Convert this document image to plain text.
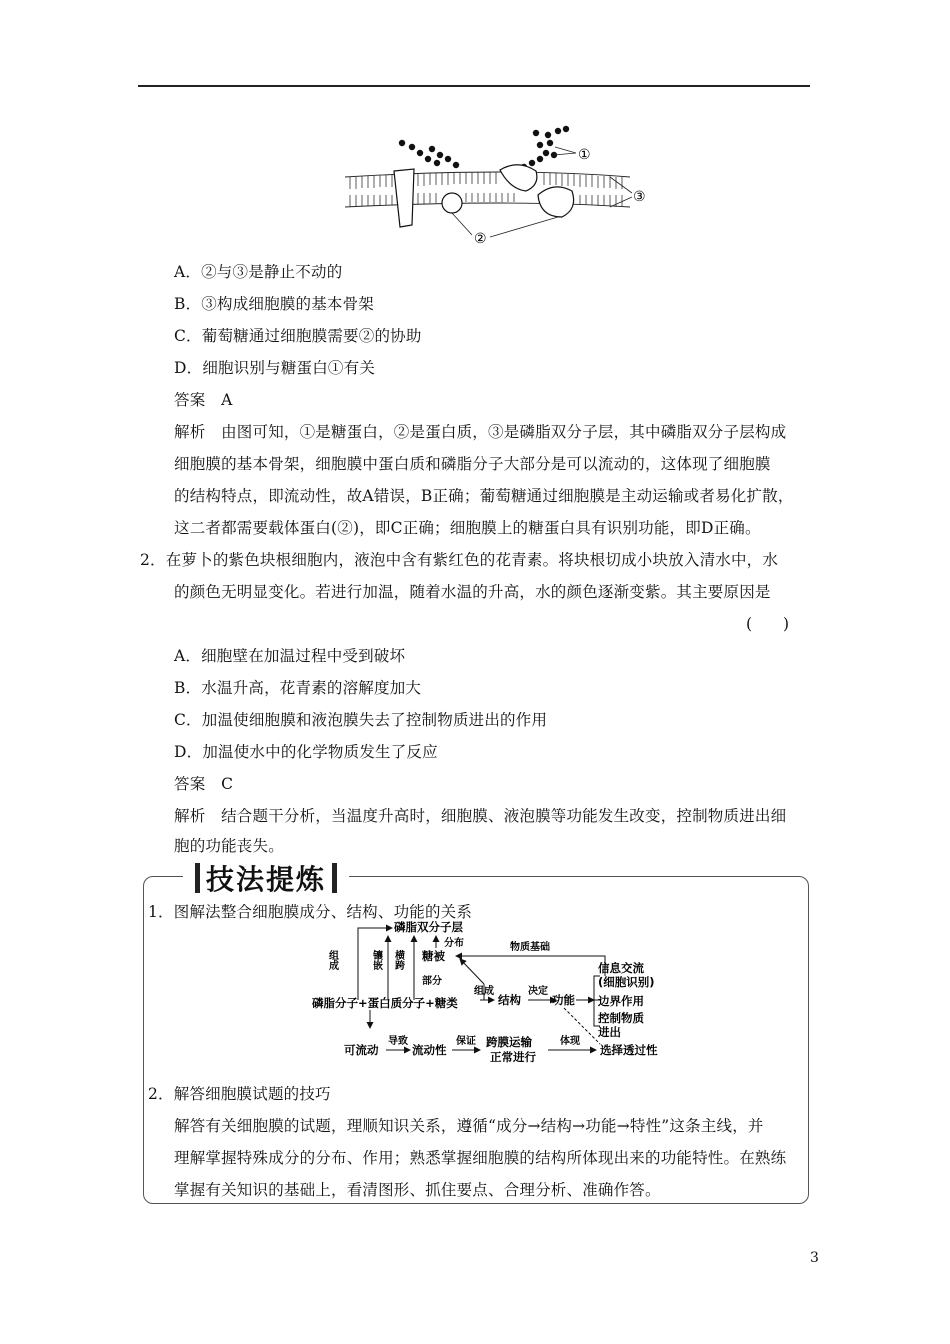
①
③
②
A．②与③是静止不动的
B．③构成细胞膜的基本骨架
C．葡萄糖通过细胞膜需要②的协助
D．细胞识别与糖蛋白①有关
答案　A
解析　由图可知，①是糖蛋白，②是蛋白质，③是磷脂双分子层，其中磷脂双分子层构成
细胞膜的基本骨架，细胞膜中蛋白质和磷脂分子大部分是可以流动的，这体现了细胞膜
的结构特点，即流动性，故A错误，B正确；葡萄糖通过细胞膜是主动运输或者易化扩散，
这二者都需要载体蛋白(②)，即C正确；细胞膜上的糖蛋白具有识别功能，即D正确。
2．在萝卜的紫色块根细胞内，液泡中含有紫红色的花青素。将块根切成小块放入清水中，水
的颜色无明显变化。若进行加温，随着水温的升高，水的颜色逐渐变紫。其主要原因是
(　　)
A．细胞壁在加温过程中受到破坏
B．水温升高，花青素的溶解度加大
C．加温使细胞膜和液泡膜失去了控制物质进出的作用
D．加温使水中的化学物质发生了反应
答案　C
解析　结合题干分析，当温度升高时，细胞膜、液泡膜等功能发生改变，控制物质进出细
胞的功能丧失。
技法提炼
1．图解法整合细胞膜成分、结构、功能的关系
磷脂双分子层
分布	物质基础
糖被
部分
组成	镶嵌 横跨
磷脂分子+蛋白质分子+糖类
组成
结构
决定
功能
信息交流
(细胞识别)
边界作用
控制物质
进出
可流动
导致
流动性
保证 跨膜运输
正常进行
体现
选择透过性
2．解答细胞膜试题的技巧
解答有关细胞膜的试题，理顺知识关系，遵循“成分→结构→功能→特性”这条主线，并
理解掌握特殊成分的分布、作用；熟悉掌握细胞膜的结构所体现出来的功能特性。在熟练
掌握有关知识的基础上，看清图形、抓住要点、合理分析、准确作答。
3
